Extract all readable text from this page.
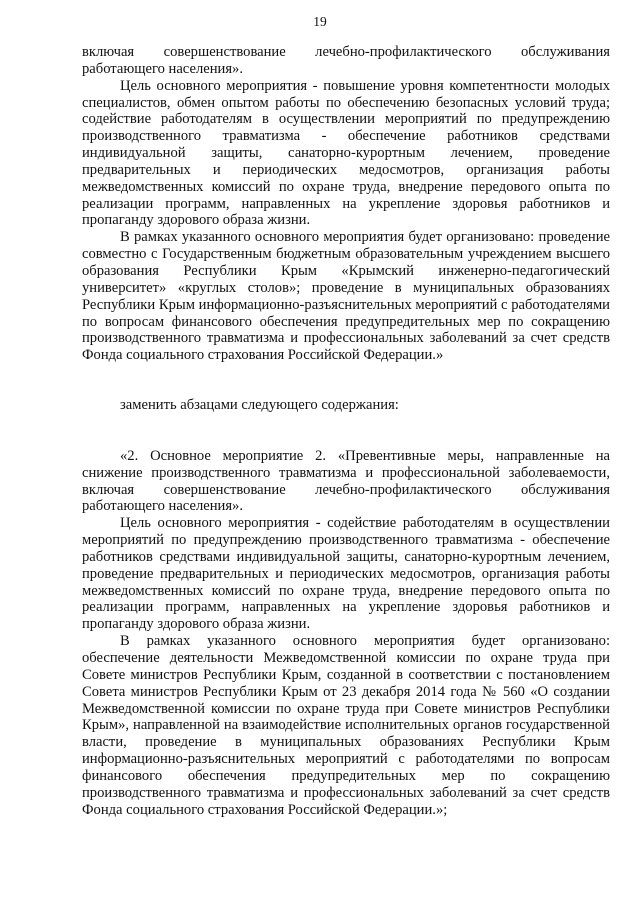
19

включая совершенствование лечебно-профилактического обслуживания работающего населения».

Цель основного мероприятия - повышение уровня компетентности молодых специалистов, обмен опытом работы по обеспечению безопасных условий труда; содействие работодателям в осуществлении мероприятий по предупреждению производственного травматизма - обеспечение работников средствами индивидуальной защиты, санаторно-курортным лечением, проведение предварительных и периодических медосмотров, организация работы межведомственных комиссий по охране труда, внедрение передового опыта по реализации программ, направленных на укрепление здоровья работников и пропаганду здорового образа жизни.

В рамках указанного основного мероприятия будет организовано: проведение совместно с Государственным бюджетным образовательным учреждением высшего образования Республики Крым «Крымский инженерно-педагогический университет» «круглых столов»; проведение в муниципальных образованиях Республики Крым информационно-разъяснительных мероприятий с работодателями по вопросам финансового обеспечения предупредительных мер по сокращению производственного травматизма и профессиональных заболеваний за счет средств Фонда социального страхования Российской Федерации.»

заменить абзацами следующего содержания:

«2. Основное мероприятие 2. «Превентивные меры, направленные на снижение производственного травматизма и профессиональной заболеваемости, включая совершенствование лечебно-профилактического обслуживания работающего населения».

Цель основного мероприятия - содействие работодателям в осуществлении мероприятий по предупреждению производственного травматизма - обеспечение работников средствами индивидуальной защиты, санаторно-курортным лечением, проведение предварительных и периодических медосмотров, организация работы межведомственных комиссий по охране труда, внедрение передового опыта по реализации программ, направленных на укрепление здоровья работников и пропаганду здорового образа жизни.

В рамках указанного основного мероприятия будет организовано: обеспечение деятельности Межведомственной комиссии по охране труда при Совете министров Республики Крым, созданной в соответствии с постановлением Совета министров Республики Крым от 23 декабря 2014 года № 560 «О создании Межведомственной комиссии по охране труда при Совете министров Республики Крым», направленной на взаимодействие исполнительных органов государственной власти, проведение в муниципальных образованиях Республики Крым информационно-разъяснительных мероприятий с работодателями по вопросам финансового обеспечения предупредительных мер по сокращению производственного травматизма и профессиональных заболеваний за счет средств Фонда социального страхования Российской Федерации.»;
